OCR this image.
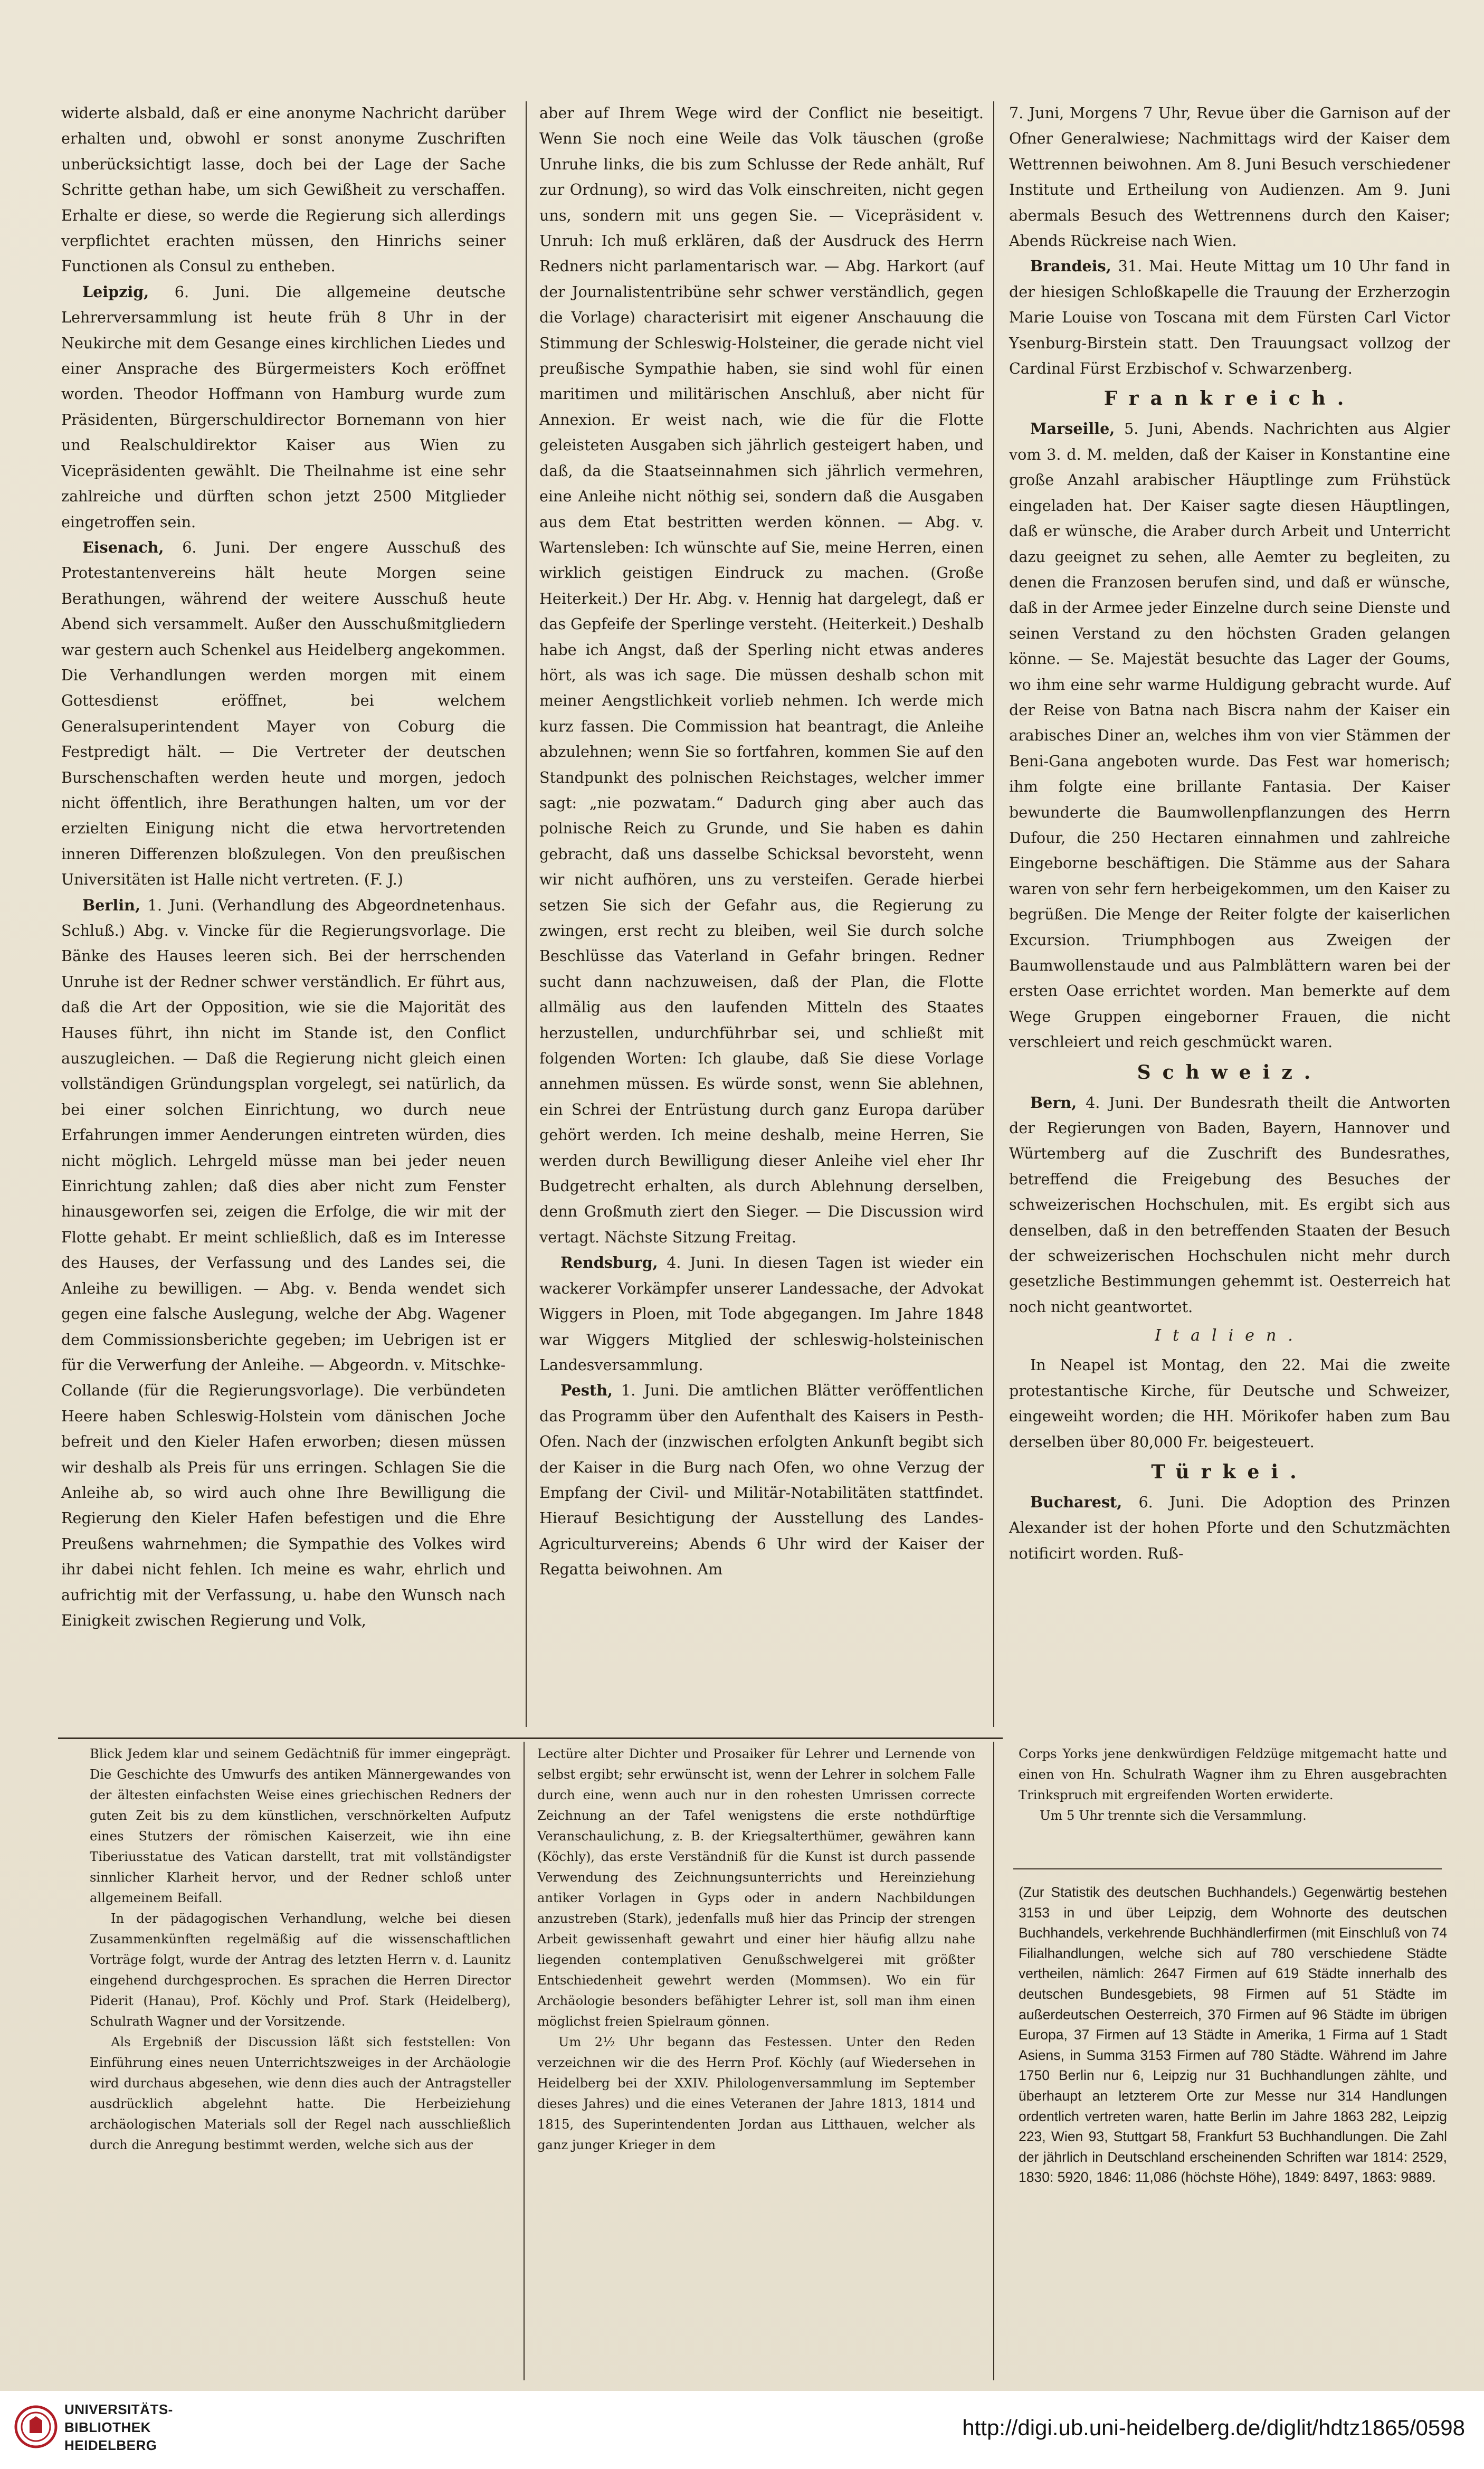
widerte alsbald, daß er eine anonyme Nachricht darüber erhalten und, obwohl er sonst anonyme Zuschriften unberücksichtigt lasse, doch bei der Lage der Sache Schritte gethan habe, um sich Gewißheit zu verschaffen. Erhalte er diese, so werde die Regierung sich allerdings verpflichtet erachten müssen, den Hinrichs seiner Functionen als Consul zu entheben.

Leipzig, 6. Juni. Die allgemeine deutsche Lehrerversammlung ist heute früh 8 Uhr in der Neukirche mit dem Gesange eines kirchlichen Liedes und einer Ansprache des Bürgermeisters Koch eröffnet worden. Theodor Hoffmann von Hamburg wurde zum Präsidenten, Bürgerschuldirector Bornemann von hier und Realschuldirektor Kaiser aus Wien zu Vicepräsidenten gewählt. Die Theilnahme ist eine sehr zahlreiche und dürften schon jetzt 2500 Mitglieder eingetroffen sein.

Eisenach, 6. Juni. Der engere Ausschuß des Protestantenvereins hält heute Morgen seine Berathungen, während der weitere Ausschuß heute Abend sich versammelt. Außer den Ausschußmitgliedern war gestern auch Schenkel aus Heidelberg angekommen. Die Verhandlungen werden morgen mit einem Gottesdienst eröffnet, bei welchem Generalsuperintendent Mayer von Coburg die Festpredigt hält. — Die Vertreter der deutschen Burschenschaften werden heute und morgen, jedoch nicht öffentlich, ihre Berathungen halten, um vor der erzielten Einigung nicht die etwa hervortretenden inneren Differenzen bloßzulegen. Von den preußischen Universitäten ist Halle nicht vertreten. (F. J.)

Berlin, 1. Juni. (Verhandlung des Abgeordnetenhaus. Schluß.) Abg. v. Vincke für die Regierungsvorlage. Die Bänke des Hauses leeren sich. Bei der herrschenden Unruhe ist der Redner schwer verständlich. Er führt aus, daß die Art der Opposition, wie sie die Majorität des Hauses führt, ihn nicht im Stande ist, den Conflict auszugleichen. — Daß die Regierung nicht gleich einen vollständigen Gründungsplan vorgelegt, sei natürlich, da bei einer solchen Einrichtung, wo durch neue Erfahrungen immer Aenderungen eintreten würden, dies nicht möglich. Lehrgeld müsse man bei jeder neuen Einrichtung zahlen; daß dies aber nicht zum Fenster hinausgeworfen sei, zeigen die Erfolge, die wir mit der Flotte gehabt. Er meint schließlich, daß es im Interesse des Hauses, der Verfassung und des Landes sei, die Anleihe zu bewilligen. — Abg. v. Benda wendet sich gegen eine falsche Auslegung, welche der Abg. Wagener dem Commissionsberichte gegeben; im Uebrigen ist er für die Verwerfung der Anleihe. — Abgeordn. v. Mitschke-Collande (für die Regierungsvorlage). Die verbündeten Heere haben Schleswig-Holstein vom dänischen Joche befreit und den Kieler Hafen erworben; diesen müssen wir deshalb als Preis für uns erringen. Schlagen Sie die Anleihe ab, so wird auch ohne Ihre Bewilligung die Regierung den Kieler Hafen befestigen und die Ehre Preußens wahrnehmen; die Sympathie des Volkes wird ihr dabei nicht fehlen. Ich meine es wahr, ehrlich und aufrichtig mit der Verfassung, u. habe den Wunsch nach Einigkeit zwischen Regierung und Volk,

aber auf Ihrem Wege wird der Conflict nie beseitigt. Wenn Sie noch eine Weile das Volk täuschen (große Unruhe links, die bis zum Schlusse der Rede anhält, Ruf zur Ordnung), so wird das Volk einschreiten, nicht gegen uns, sondern mit uns gegen Sie. — Vicepräsident v. Unruh: Ich muß erklären, daß der Ausdruck des Herrn Redners nicht parlamentarisch war. — Abg. Harkort (auf der Journalistentribüne sehr schwer verständlich, gegen die Vorlage) characterisirt mit eigener Anschauung die Stimmung der Schleswig-Holsteiner, die gerade nicht viel preußische Sympathie haben, sie sind wohl für einen maritimen und militärischen Anschluß, aber nicht für Annexion. Er weist nach, wie die für die Flotte geleisteten Ausgaben sich jährlich gesteigert haben, und daß, da die Staatseinnahmen sich jährlich vermehren, eine Anleihe nicht nöthig sei, sondern daß die Ausgaben aus dem Etat bestritten werden können. — Abg. v. Wartensleben: Ich wünschte auf Sie, meine Herren, einen wirklich geistigen Eindruck zu machen. (Große Heiterkeit.) Der Hr. Abg. v. Hennig hat dargelegt, daß er das Gepfeife der Sperlinge versteht. (Heiterkeit.) Deshalb habe ich Angst, daß der Sperling nicht etwas anderes hört, als was ich sage. Die müssen deshalb schon mit meiner Aengstlichkeit vorlieb nehmen. Ich werde mich kurz fassen. Die Commission hat beantragt, die Anleihe abzulehnen; wenn Sie so fortfahren, kommen Sie auf den Standpunkt des polnischen Reichstages, welcher immer sagt: „nie pozwatam.“ Dadurch ging aber auch das polnische Reich zu Grunde, und Sie haben es dahin gebracht, daß uns dasselbe Schicksal bevorsteht, wenn wir nicht aufhören, uns zu versteifen. Gerade hierbei setzen Sie sich der Gefahr aus, die Regierung zu zwingen, erst recht zu bleiben, weil Sie durch solche Beschlüsse das Vaterland in Gefahr bringen. Redner sucht dann nachzuweisen, daß der Plan, die Flotte allmälig aus den laufenden Mitteln des Staates herzustellen, undurchführbar sei, und schließt mit folgenden Worten: Ich glaube, daß Sie diese Vorlage annehmen müssen. Es würde sonst, wenn Sie ablehnen, ein Schrei der Entrüstung durch ganz Europa darüber gehört werden. Ich meine deshalb, meine Herren, Sie werden durch Bewilligung dieser Anleihe viel eher Ihr Budgetrecht erhalten, als durch Ablehnung derselben, denn Großmuth ziert den Sieger. — Die Discussion wird vertagt. Nächste Sitzung Freitag.

Rendsburg, 4. Juni. In diesen Tagen ist wieder ein wackerer Vorkämpfer unserer Landessache, der Advokat Wiggers in Ploen, mit Tode abgegangen. Im Jahre 1848 war Wiggers Mitglied der schleswig-holsteinischen Landesversammlung.

Pesth, 1. Juni. Die amtlichen Blätter veröffentlichen das Programm über den Aufenthalt des Kaisers in Pesth-Ofen. Nach der (inzwischen erfolgten Ankunft begibt sich der Kaiser in die Burg nach Ofen, wo ohne Verzug der Empfang der Civil- und Militär-Notabilitäten stattfindet. Hierauf Besichtigung der Ausstellung des Landes-Agriculturvereins; Abends 6 Uhr wird der Kaiser der Regatta beiwohnen. Am

7. Juni, Morgens 7 Uhr, Revue über die Garnison auf der Ofner Generalwiese; Nachmittags wird der Kaiser dem Wettrennen beiwohnen. Am 8. Juni Besuch verschiedener Institute und Ertheilung von Audienzen. Am 9. Juni abermals Besuch des Wettrennens durch den Kaiser; Abends Rückreise nach Wien.

Brandeis, 31. Mai. Heute Mittag um 10 Uhr fand in der hiesigen Schloßkapelle die Trauung der Erzherzogin Marie Louise von Toscana mit dem Fürsten Carl Victor Ysenburg-Birstein statt. Den Trauungsact vollzog der Cardinal Fürst Erzbischof v. Schwarzenberg.

Frankreich.

Marseille, 5. Juni, Abends. Nachrichten aus Algier vom 3. d. M. melden, daß der Kaiser in Konstantine eine große Anzahl arabischer Häuptlinge zum Frühstück eingeladen hat. Der Kaiser sagte diesen Häuptlingen, daß er wünsche, die Araber durch Arbeit und Unterricht dazu geeignet zu sehen, alle Aemter zu begleiten, zu denen die Franzosen berufen sind, und daß er wünsche, daß in der Armee jeder Einzelne durch seine Dienste und seinen Verstand zu den höchsten Graden gelangen könne. — Se. Majestät besuchte das Lager der Goums, wo ihm eine sehr warme Huldigung gebracht wurde. Auf der Reise von Batna nach Biscra nahm der Kaiser ein arabisches Diner an, welches ihm von vier Stämmen der Beni-Gana angeboten wurde. Das Fest war homerisch; ihm folgte eine brillante Fantasia. Der Kaiser bewunderte die Baumwollenpflanzungen des Herrn Dufour, die 250 Hectaren einnahmen und zahlreiche Eingeborne beschäftigen. Die Stämme aus der Sahara waren von sehr fern herbeigekommen, um den Kaiser zu begrüßen. Die Menge der Reiter folgte der kaiserlichen Excursion. Triumphbogen aus Zweigen der Baumwollenstaude und aus Palmblättern waren bei der ersten Oase errichtet worden. Man bemerkte auf dem Wege Gruppen eingeborner Frauen, die nicht verschleiert und reich geschmückt waren.

Schweiz.

Bern, 4. Juni. Der Bundesrath theilt die Antworten der Regierungen von Baden, Bayern, Hannover und Würtemberg auf die Zuschrift des Bundesrathes, betreffend die Freigebung des Besuches der schweizerischen Hochschulen, mit. Es ergibt sich aus denselben, daß in den betreffenden Staaten der Besuch der schweizerischen Hochschulen nicht mehr durch gesetzliche Bestimmungen gehemmt ist. Oesterreich hat noch nicht geantwortet.

Italien.

In Neapel ist Montag, den 22. Mai die zweite protestantische Kirche, für Deutsche und Schweizer, eingeweiht worden; die HH. Mörikofer haben zum Bau derselben über 80,000 Fr. beigesteuert.

Türkei.

Bucharest, 6. Juni. Die Adoption des Prinzen Alexander ist der hohen Pforte und den Schutzmächten notificirt worden. Ruß-

Blick Jedem klar und seinem Gedächtniß für immer eingeprägt. Die Geschichte des Umwurfs des antiken Männergewandes von der ältesten einfachsten Weise eines griechischen Redners der guten Zeit bis zu dem künstlichen, verschnörkelten Aufputz eines Stutzers der römischen Kaiserzeit, wie ihn eine Tiberiusstatue des Vatican darstellt, trat mit vollständigster sinnlicher Klarheit hervor, und der Redner schloß unter allgemeinem Beifall.

In der pädagogischen Verhandlung, welche bei diesen Zusammenkünften regelmäßig auf die wissenschaftlichen Vorträge folgt, wurde der Antrag des letzten Herrn v. d. Launitz eingehend durchgesprochen. Es sprachen die Herren Director Piderit (Hanau), Prof. Köchly und Prof. Stark (Heidelberg), Schulrath Wagner und der Vorsitzende.

Als Ergebniß der Discussion läßt sich feststellen: Von Einführung eines neuen Unterrichtszweiges in der Archäologie wird durchaus abgesehen, wie denn dies auch der Antragsteller ausdrücklich abgelehnt hatte. Die Herbeiziehung archäologischen Materials soll der Regel nach ausschließlich durch die Anregung bestimmt werden, welche sich aus der

Lectüre alter Dichter und Prosaiker für Lehrer und Lernende von selbst ergibt; sehr erwünscht ist, wenn der Lehrer in solchem Falle durch eine, wenn auch nur in den rohesten Umrissen correcte Zeichnung an der Tafel wenigstens die erste nothdürftige Veranschaulichung, z. B. der Kriegsalterthümer, gewähren kann (Köchly), das erste Verständniß für die Kunst ist durch passende Verwendung des Zeichnungsunterrichts und Hereinziehung antiker Vorlagen in Gyps oder in andern Nachbildungen anzustreben (Stark), jedenfalls muß hier das Princip der strengen Arbeit gewissenhaft gewahrt und einer hier häufig allzu nahe liegenden contemplativen Genußschwelgerei mit größter Entschiedenheit gewehrt werden (Mommsen). Wo ein für Archäologie besonders befähigter Lehrer ist, soll man ihm einen möglichst freien Spielraum gönnen.

Um 2½ Uhr begann das Festessen. Unter den Reden verzeichnen wir die des Herrn Prof. Köchly (auf Wiedersehen in Heidelberg bei der XXIV. Philologenversammlung im September dieses Jahres) und die eines Veteranen der Jahre 1813, 1814 und 1815, des Superintendenten Jordan aus Litthauen, welcher als ganz junger Krieger in dem

Corps Yorks jene denkwürdigen Feldzüge mitgemacht hatte und einen von Hn. Schulrath Wagner ihm zu Ehren ausgebrachten Trinkspruch mit ergreifenden Worten erwiderte.

Um 5 Uhr trennte sich die Versammlung.

(Zur Statistik des deutschen Buchhandels.) Gegenwärtig bestehen 3153 in und über Leipzig, dem Wohnorte des deutschen Buchhandels, verkehrende Buchhändlerfirmen (mit Einschluß von 74 Filialhandlungen, welche sich auf 780 verschiedene Städte vertheilen, nämlich: 2647 Firmen auf 619 Städte innerhalb des deutschen Bundesgebiets, 98 Firmen auf 51 Städte im außerdeutschen Oesterreich, 370 Firmen auf 96 Städte im übrigen Europa, 37 Firmen auf 13 Städte in Amerika, 1 Firma auf 1 Stadt Asiens, in Summa 3153 Firmen auf 780 Städte. Während im Jahre 1750 Berlin nur 6, Leipzig nur 31 Buchhandlungen zählte, und überhaupt an letzterem Orte zur Messe nur 314 Handlungen ordentlich vertreten waren, hatte Berlin im Jahre 1863 282, Leipzig 223, Wien 93, Stuttgart 58, Frankfurt 53 Buchhandlungen. Die Zahl der jährlich in Deutschland erscheinenden Schriften war 1814: 2529, 1830: 5920, 1846: 11,086 (höchste Höhe), 1849: 8497, 1863: 9889.

UNIVERSITÄTS-
BIBLIOTHEK
HEIDELBERG
http://digi.ub.uni-heidelberg.de/diglit/hdtz1865/0598
